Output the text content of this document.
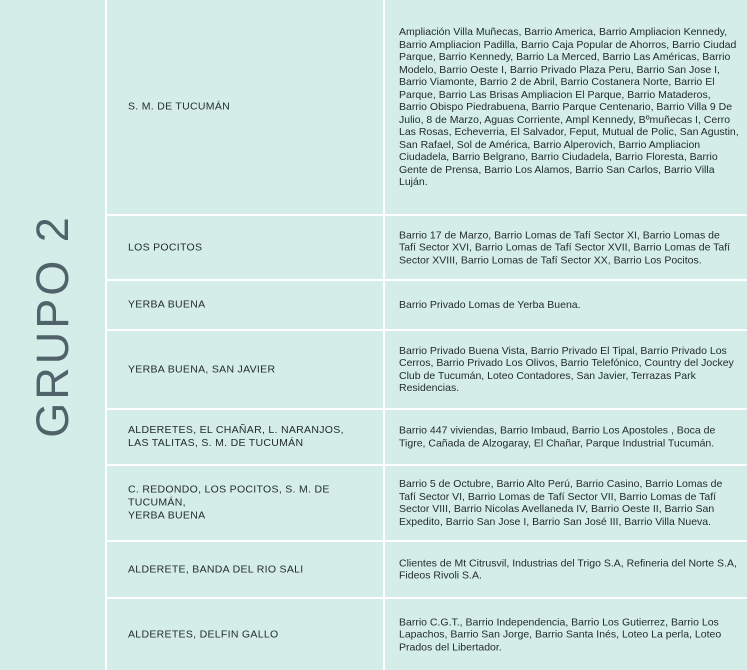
GRUPO 2
S. M. DE TUCUMÁN
Ampliación Villa Muñecas, Barrio America, Barrio Ampliacion Kennedy, Barrio Ampliacion Padilla, Barrio Caja Popular de Ahorros, Barrio Ciudad Parque, Barrio Kennedy, Barrio La Merced, Barrio Las Américas, Barrio Modelo, Barrio Oeste I, Barrio Privado Plaza Peru, Barrio San Jose I, Barrio Viamonte, Barrio 2 de Abril, Barrio Costanera Norte, Barrio El Parque, Barrio Las Brisas Ampliacion El Parque, Barrio Mataderos, Barrio Obispo Piedrabuena, Barrio Parque Centenario, Barrio Villa 9 De Julio, 8 de Marzo, Aguas Corriente, Ampl Kennedy, Bºmuñecas I, Cerro Las Rosas, Echeverria, El Salvador, Feput, Mutual de Polic, San Agustin, San Rafael, Sol de América, Barrio Alperovich, Barrio Ampliacion Ciudadela, Barrio Belgrano, Barrio Ciudadela, Barrio Floresta, Barrio Gente de Prensa, Barrio Los Alamos, Barrio San Carlos, Barrio Villa Luján.
LOS POCITOS
Barrio 17 de Marzo, Barrio Lomas de Tafí Sector XI, Barrio Lomas de Tafí Sector XVI, Barrio Lomas de Tafí Sector XVII, Barrio Lomas de Tafí Sector XVIII, Barrio Lomas de Tafí Sector XX, Barrio Los Pocitos.
YERBA BUENA	Barrio Privado Lomas de Yerba Buena.
YERBA BUENA, SAN JAVIER
Barrio Privado Buena Vista, Barrio Privado El Tipal, Barrio Privado Los Cerros, Barrio Privado Los Olivos, Barrio Telefónico, Country del Jockey Club de Tucumán, Loteo Contadores, San Javier, Terrazas Park Residencias.
ALDERETES, EL CHAÑAR, L. NARANJOS,
LAS TALITAS, S. M. DE TUCUMÁN
Barrio 447 viviendas, Barrio Imbaud, Barrio Los Apostoles , Boca de Tigre, Cañada de Alzogaray, El Chañar, Parque Industrial Tucumán.
C. REDONDO, LOS POCITOS, S. M. DE TUCUMÁN,
YERBA BUENA
Barrio 5 de Octubre, Barrio Alto Perú, Barrio Casino, Barrio Lomas de Tafí Sector VI, Barrio Lomas de Tafí Sector VII, Barrio Lomas de Tafí Sector VIII, Barrio Nicolas Avellaneda IV, Barrio Oeste II, Barrio San Expedito, Barrio San Jose I, Barrio San José III, Barrio Villa Nueva.
ALDERETE, BANDA DEL RIO SALI	Clientes de Mt Citrusvil, Industrias del Trigo S.A, Refineria del Norte S.A, Fideos Rivoli S.A.
ALDERETES, DELFIN GALLO
Barrio C.G.T., Barrio Independencia, Barrio Los Gutierrez, Barrio Los Lapachos, Barrio San Jorge, Barrio Santa Inés, Loteo La perla, Loteo Prados del Libertador.
